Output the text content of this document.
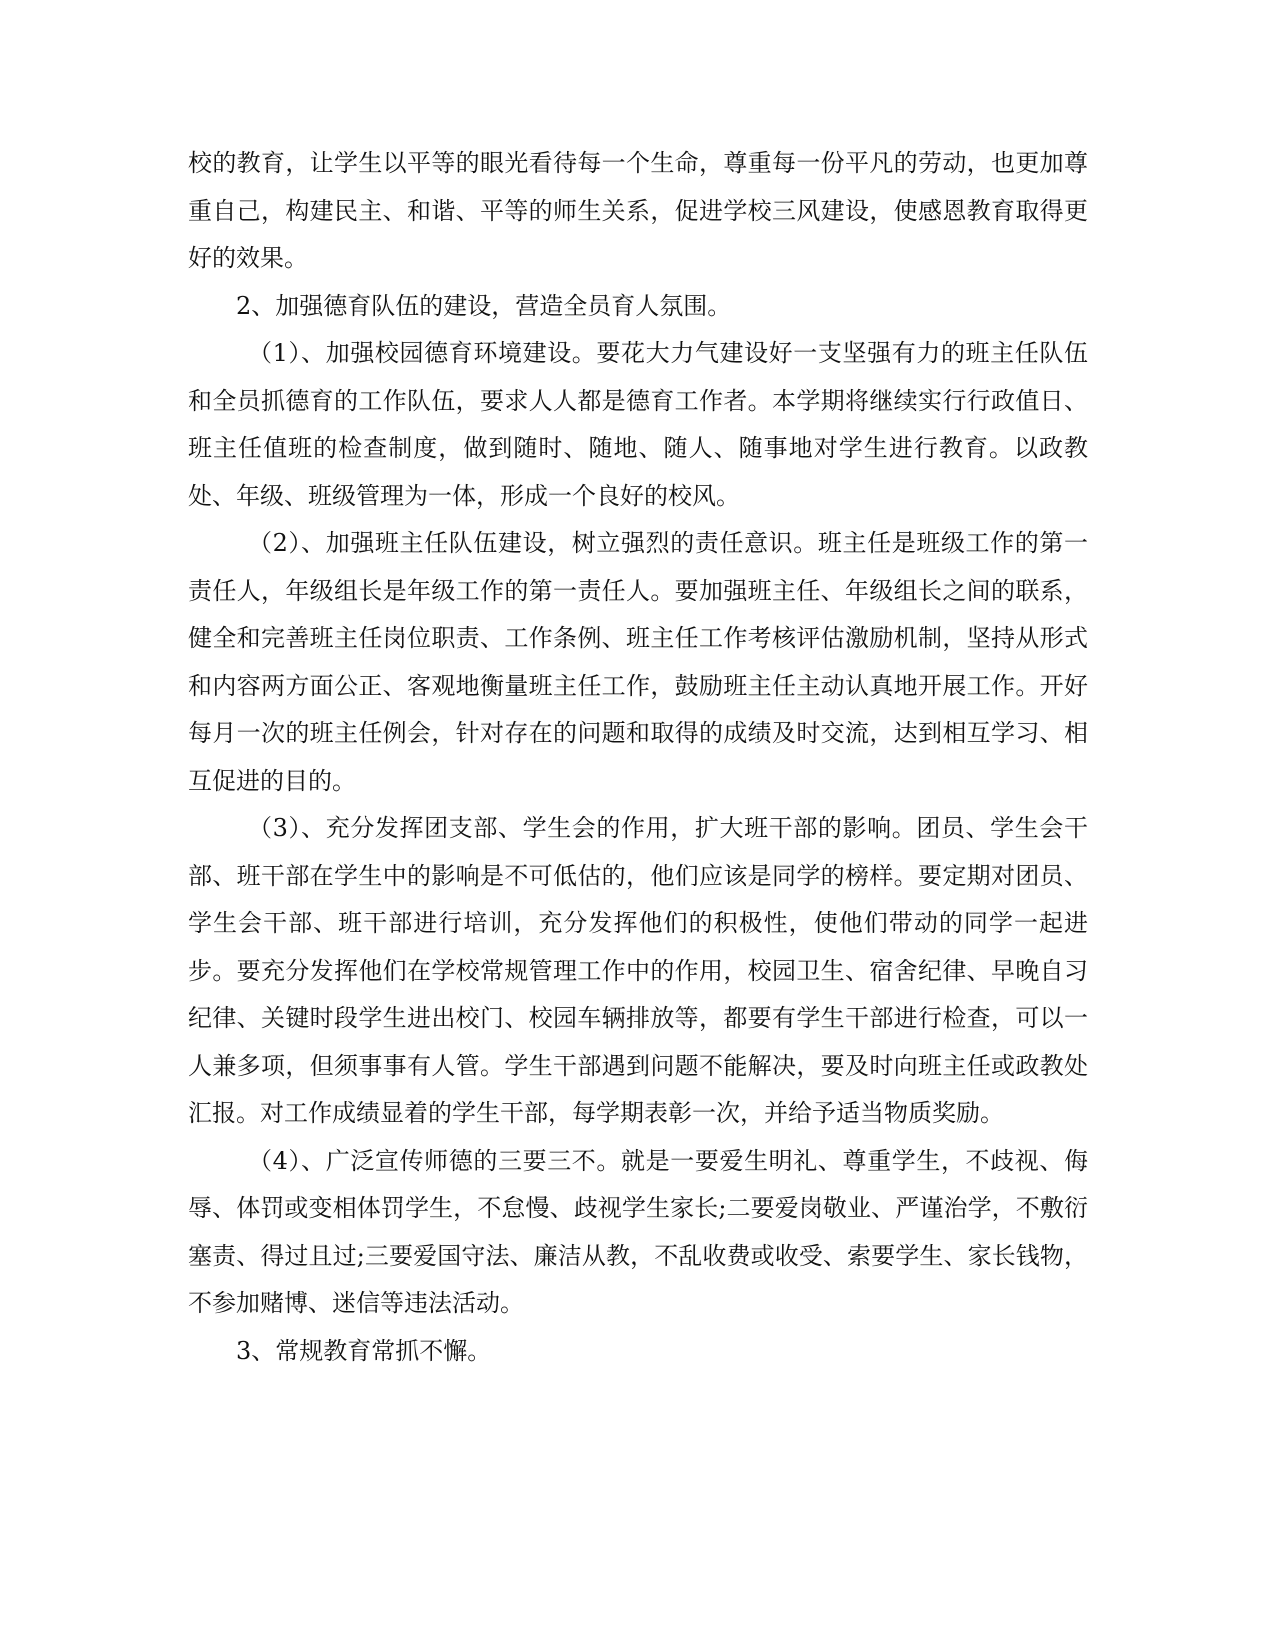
校的教育，让学生以平等的眼光看待每一个生命，尊重每一份平凡的劳动，也更加尊重自己，构建民主、和谐、平等的师生关系，促进学校三风建设，使感恩教育取得更好的效果。

2、加强德育队伍的建设，营造全员育人氛围。

（1）、加强校园德育环境建设。要花大力气建设好一支坚强有力的班主任队伍和全员抓德育的工作队伍，要求人人都是德育工作者。本学期将继续实行行政值日、班主任值班的检查制度，做到随时、随地、随人、随事地对学生进行教育。以政教处、年级、班级管理为一体，形成一个良好的校风。

（2）、加强班主任队伍建设，树立强烈的责任意识。班主任是班级工作的第一责任人，年级组长是年级工作的第一责任人。要加强班主任、年级组长之间的联系，健全和完善班主任岗位职责、工作条例、班主任工作考核评估激励机制，坚持从形式和内容两方面公正、客观地衡量班主任工作，鼓励班主任主动认真地开展工作。开好每月一次的班主任例会，针对存在的问题和取得的成绩及时交流，达到相互学习、相互促进的目的。

（3）、充分发挥团支部、学生会的作用，扩大班干部的影响。团员、学生会干部、班干部在学生中的影响是不可低估的，他们应该是同学的榜样。要定期对团员、学生会干部、班干部进行培训，充分发挥他们的积极性，使他们带动的同学一起进步。要充分发挥他们在学校常规管理工作中的作用，校园卫生、宿舍纪律、早晚自习纪律、关键时段学生进出校门、校园车辆排放等，都要有学生干部进行检查，可以一人兼多项，但须事事有人管。学生干部遇到问题不能解决，要及时向班主任或政教处汇报。对工作成绩显着的学生干部，每学期表彰一次，并给予适当物质奖励。

（4）、广泛宣传师德的三要三不。就是一要爱生明礼、尊重学生，不歧视、侮辱、体罚或变相体罚学生，不怠慢、歧视学生家长;二要爱岗敬业、严谨治学，不敷衍塞责、得过且过;三要爱国守法、廉洁从教，不乱收费或收受、索要学生、家长钱物，不参加赌博、迷信等违法活动。

3、常规教育常抓不懈。
